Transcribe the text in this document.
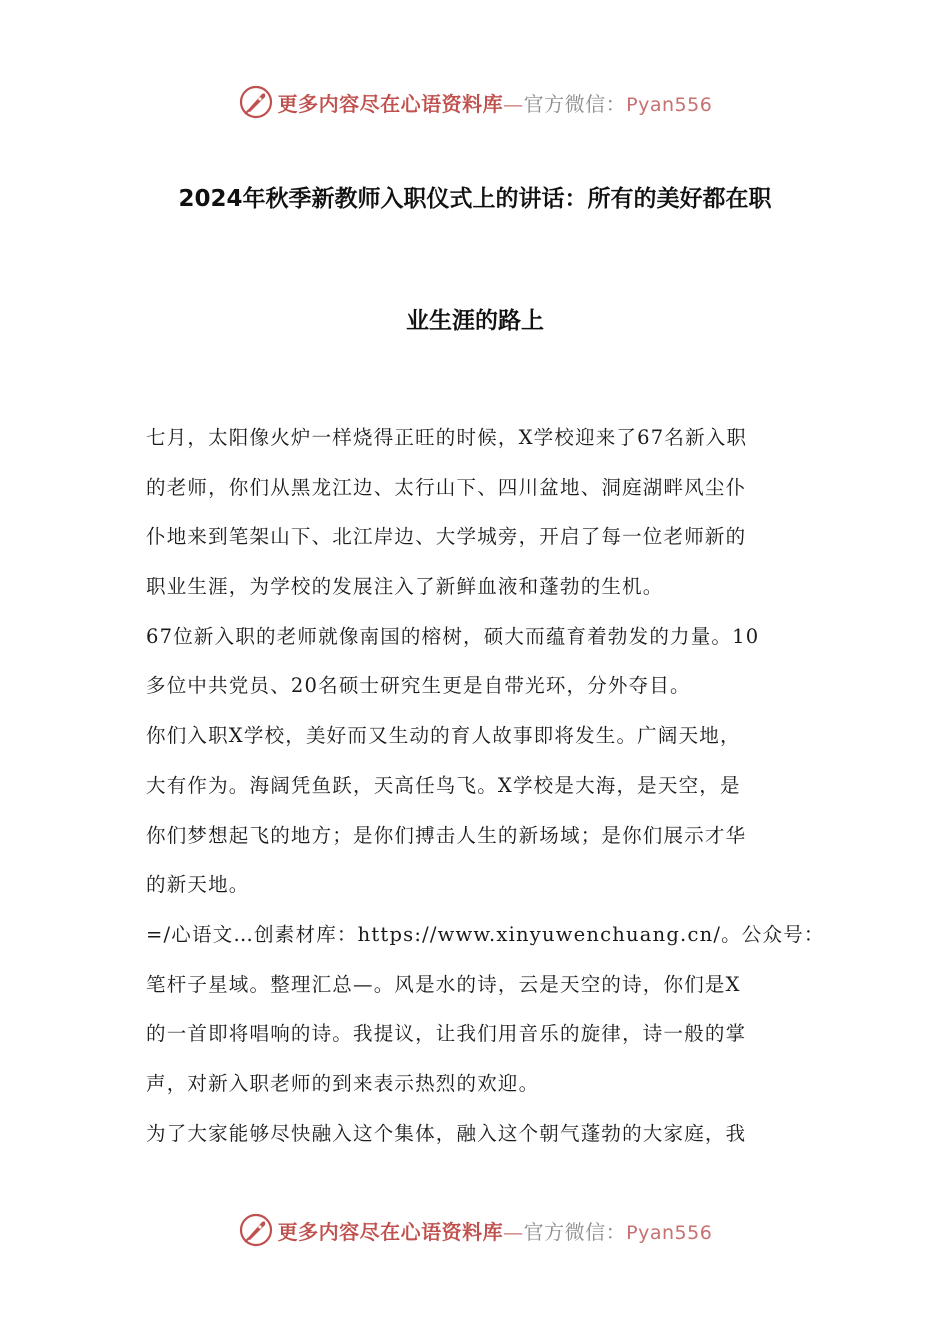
更多内容尽在心语资料库—官方微信：Pyan556
2024年秋季新教师入职仪式上的讲话：所有的美好都在职
业生涯的路上
七月，太阳像火炉一样烧得正旺的时候，X学校迎来了67名新入职
的老师，你们从黑龙江边、太行山下、四川盆地、洞庭湖畔风尘仆
仆地来到笔架山下、北江岸边、大学城旁，开启了每一位老师新的
职业生涯，为学校的发展注入了新鲜血液和蓬勃的生机。
67位新入职的老师就像南国的榕树，硕大而蕴育着勃发的力量。10
多位中共党员、20名硕士研究生更是自带光环，分外夺目。
你们入职X学校，美好而又生动的育人故事即将发生。广阔天地，
大有作为。海阔凭鱼跃，天高任鸟飞。X学校是大海，是天空，是
你们梦想起飞的地方；是你们搏击人生的新场域；是你们展示才华
的新天地。
=/心语文…创素材库：https://www.xinyuwenchuang.cn/。公众号：
笔杆子星域。整理汇总—。风是水的诗，云是天空的诗，你们是X
的一首即将唱响的诗。我提议，让我们用音乐的旋律，诗一般的掌
声，对新入职老师的到来表示热烈的欢迎。
为了大家能够尽快融入这个集体，融入这个朝气蓬勃的大家庭，我
更多内容尽在心语资料库—官方微信：Pyan556
